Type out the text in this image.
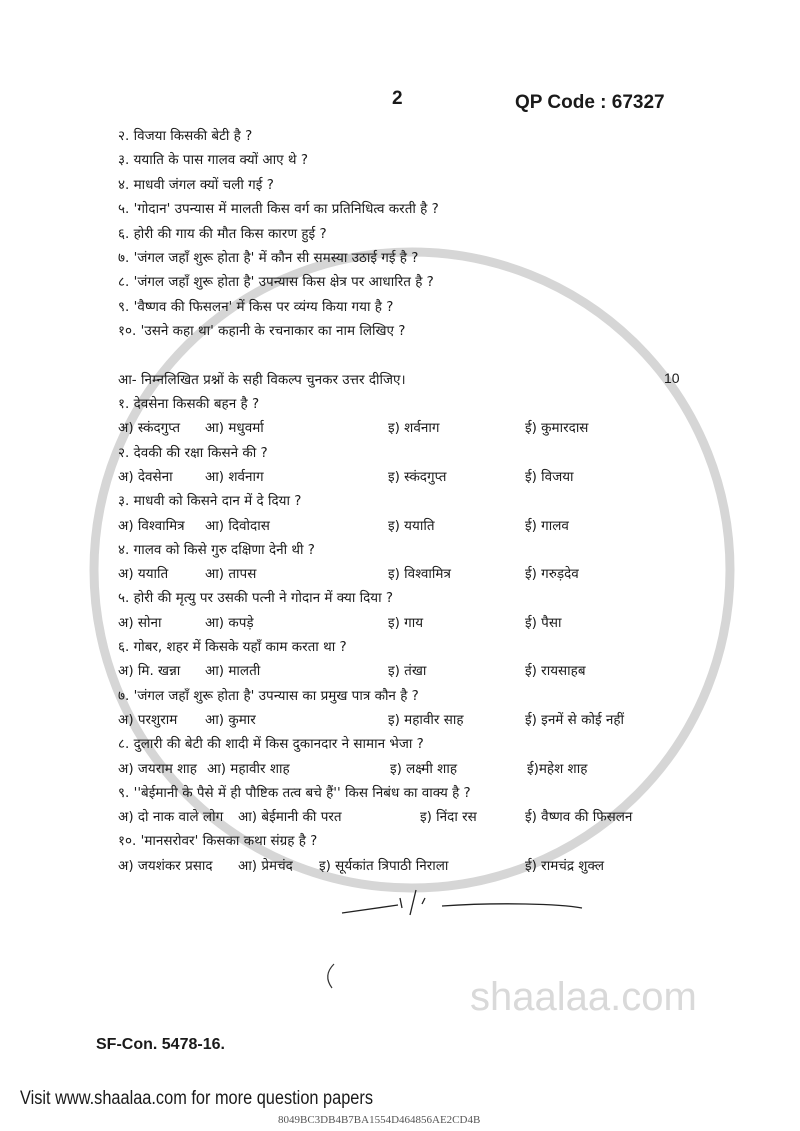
shaalaa.com
2	QP Code : 67327
२. विजया किसकी बेटी है ?
३. ययाति के पास गालव क्यों आए थे ?
४. माधवी जंगल क्यों चली गई ?
५. 'गोदान' उपन्यास में मालती किस वर्ग का प्रतिनिधित्व करती है ?
६. होरी की गाय की मौत किस कारण हुई ?
७. 'जंगल जहाँ शुरू होता है' में कौन सी समस्या उठाई गई है ?
८. 'जंगल जहाँ शुरू होता है' उपन्यास किस क्षेत्र पर आधारित है ?
९. 'वैष्णव की फिसलन' में किस पर व्यंग्य किया गया है ?
१०. 'उसने कहा था' कहानी के रचनाकार का नाम लिखिए ?
आ- निम्नलिखित प्रश्नों के सही विकल्प चुनकर उत्तर दीजिए।	10
१. देवसेना किसकी बहन है ?
अ) स्कंदगुप्त	आ) मधुवर्मा	इ) शर्वनाग	ई) कुमारदास
२. देवकी की रक्षा किसने की ?
अ) देवसेना	आ) शर्वनाग	इ) स्कंदगुप्त	ई) विजया
३. माधवी को किसने दान में दे दिया ?
अ) विश्वामित्र	आ) दिवोदास	इ) ययाति	ई) गालव
४. गालव को किसे गुरु दक्षिणा देनी थी ?
अ) ययाति	आ) तापस	इ) विश्वामित्र	ई) गरुड़देव
५. होरी की मृत्यु पर उसकी पत्नी ने गोदान में क्या दिया ?
अ) सोना	आ) कपड़े	इ) गाय	ई) पैसा
६. गोबर, शहर में किसके यहाँ काम करता था ?
अ) मि. खन्ना	आ) मालती	इ) तंखा	ई) रायसाहब
७. 'जंगल जहाँ शुरू होता है' उपन्यास का प्रमुख पात्र कौन है ?
अ) परशुराम	आ) कुमार	इ) महावीर साह	ई) इनमें से कोई नहीं
८. दुलारी की बेटी की शादी में किस दुकानदार ने सामान भेजा ?
अ) जयराम शाह आ) महावीर शाह	इ) लक्ष्मी शाह	ई)महेश शाह
९. ''बेईमानी के पैसे में ही पौष्टिक तत्व बचे हैं'' किस निबंध का वाक्य है ?
अ) दो नाक वाले लोग	आ) बेईमानी की परत	इ) निंदा रस	ई) वैष्णव की फिसलन
१०. 'मानसरोवर' किसका कथा संग्रह है ?
अ) जयशंकर प्रसाद	आ) प्रेमचंद	इ) सूर्यकांत त्रिपाठी निराला	ई) रामचंद्र शुक्ल
SF-Con. 5478-16.
Visit www.shaalaa.com for more question papers
8049BC3DB4B7BA1554D464856AE2CD4B
